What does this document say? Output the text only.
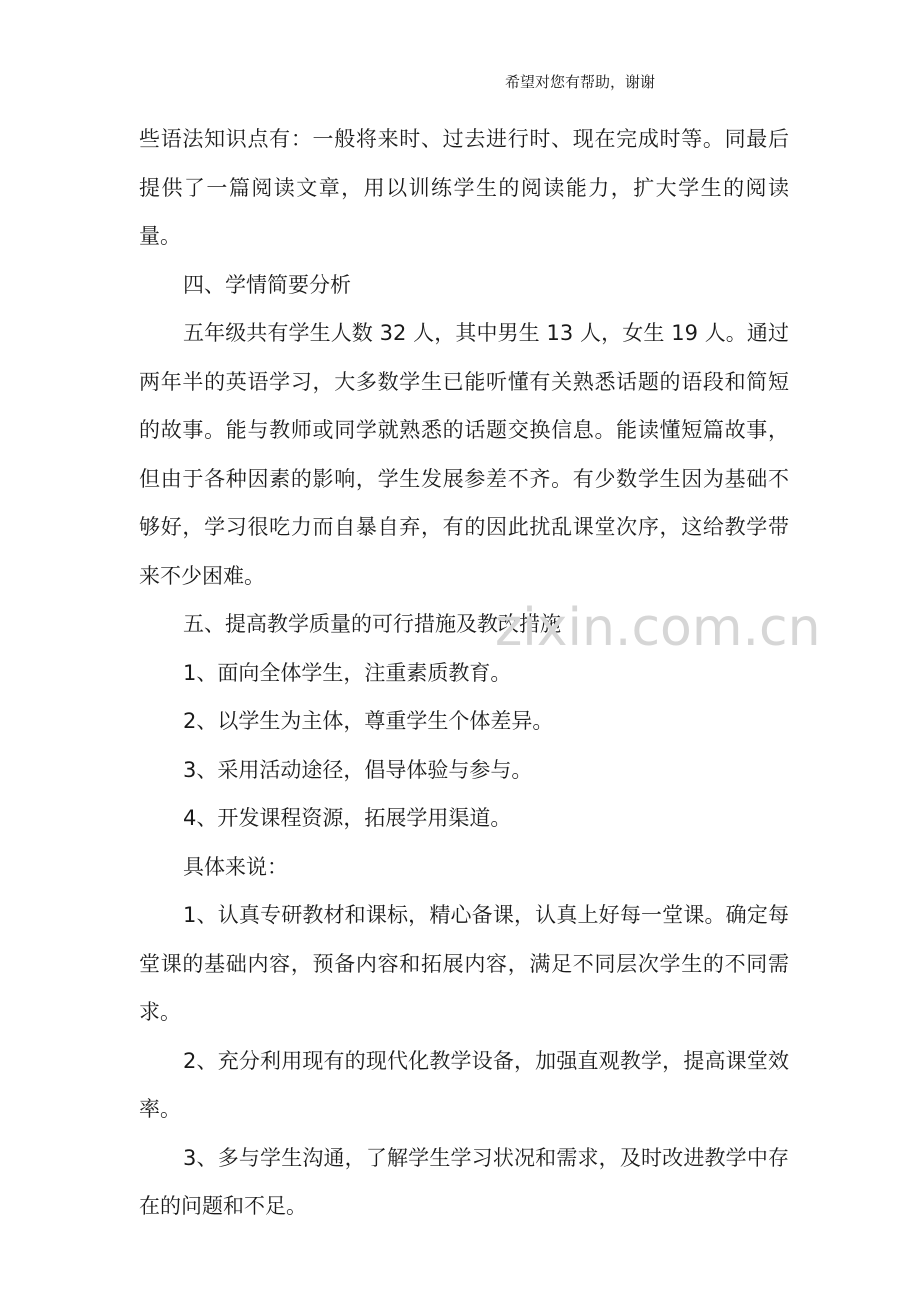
希望对您有帮助，谢谢

些语法知识点有：一般将来时、过去进行时、现在完成时等。同最后提供了一篇阅读文章，用以训练学生的阅读能力，扩大学生的阅读量。

四、学情简要分析

五年级共有学生人数 32 人，其中男生 13 人，女生 19 人。通过两年半的英语学习，大多数学生已能听懂有关熟悉话题的语段和简短的故事。能与教师或同学就熟悉的话题交换信息。能读懂短篇故事，但由于各种因素的影响，学生发展参差不齐。有少数学生因为基础不够好，学习很吃力而自暴自弃，有的因此扰乱课堂次序，这给教学带来不少困难。

五、提高教学质量的可行措施及教改措施

1、面向全体学生，注重素质教育。

2、以学生为主体，尊重学生个体差异。

3、采用活动途径，倡导体验与参与。

4、开发课程资源，拓展学用渠道。

具体来说：

1、认真专研教材和课标，精心备课，认真上好每一堂课。确定每堂课的基础内容，预备内容和拓展内容，满足不同层次学生的不同需求。

2、充分利用现有的现代化教学设备，加强直观教学，提高课堂效率。

3、多与学生沟通，了解学生学习状况和需求，及时改进教学中存在的问题和不足。

zixin.com.cn
